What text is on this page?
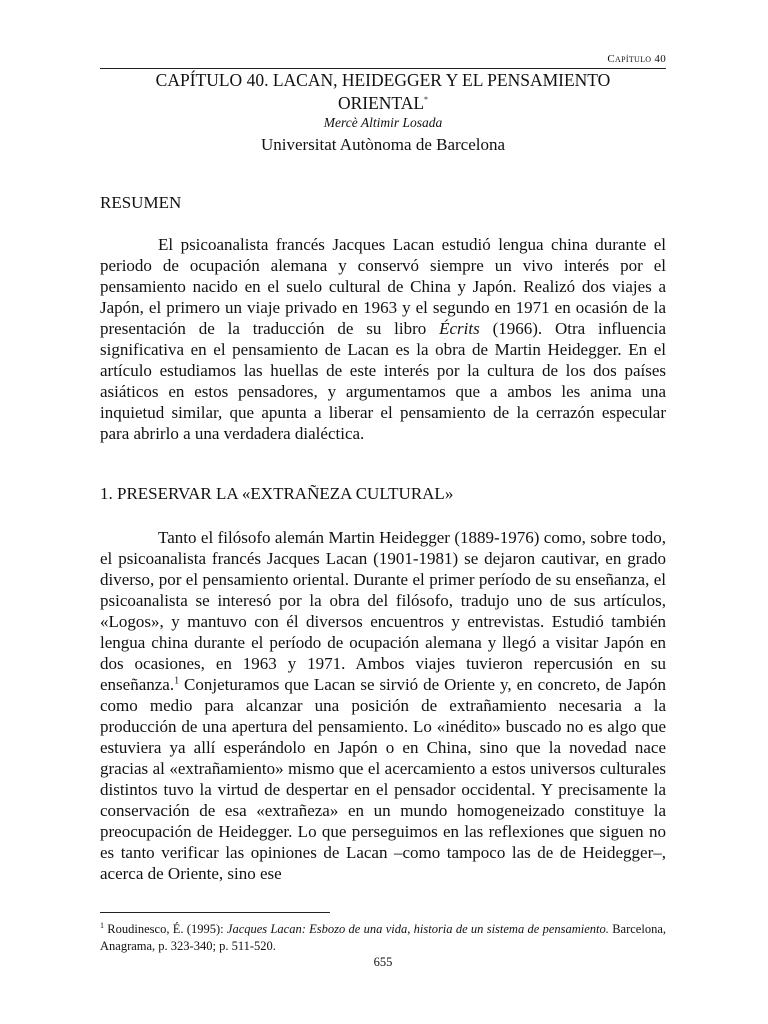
Capítulo 40

CAPÍTULO 40. LACAN, HEIDEGGER Y EL PENSAMIENTO
ORIENTAL*

Mercè Altimir Losada

Universitat Autònoma de Barcelona

RESUMEN

El psicoanalista francés Jacques Lacan estudió lengua china durante el periodo de ocupación alemana y conservó siempre un vivo interés por el pensamiento nacido en el suelo cultural de China y Japón. Realizó dos viajes a Japón, el primero un viaje privado en 1963 y el segundo en 1971 en ocasión de la presentación de la traducción de su libro Écrits (1966). Otra influencia significativa en el pensamiento de Lacan es la obra de Martin Heidegger. En el artículo estudiamos las huellas de este interés por la cultura de los dos países asiáticos en estos pensadores, y argumentamos que a ambos les anima una inquietud similar, que apunta a liberar el pensamiento de la cerrazón especular para abrirlo a una verdadera dialéctica.

1. PRESERVAR LA «EXTRAÑEZA CULTURAL»

Tanto el filósofo alemán Martin Heidegger (1889-1976) como, sobre todo, el psicoanalista francés Jacques Lacan (1901-1981) se dejaron cautivar, en grado diverso, por el pensamiento oriental. Durante el primer período de su enseñanza, el psicoanalista se interesó por la obra del filósofo, tradujo uno de sus artículos, «Logos», y mantuvo con él diversos encuentros y entrevistas. Estudió también lengua china durante el período de ocupación alemana y llegó a visitar Japón en dos ocasiones, en 1963 y 1971. Ambos viajes tuvieron repercusión en su enseñanza.$^1$ Conjeturamos que Lacan se sirvió de Oriente y, en concreto, de Japón como medio para alcanzar una posición de extrañamiento necesaria a la producción de una apertura del pensamiento. Lo «inédito» buscado no es algo que estuviera ya allí esperándolo en Japón o en China, sino que la novedad nace gracias al «extrañamiento» mismo que el acercamiento a estos universos culturales distintos tuvo la virtud de despertar en el pensador occidental. Y precisamente la conservación de esa «extrañeza» en un mundo homogeneizado constituye la preocupación de Heidegger. Lo que perseguimos en las reflexiones que siguen no es tanto verificar las opiniones de Lacan –como tampoco las de de Heidegger–, acerca de Oriente, sino ese

$^1$ Roudinesco, É. (1995): Jacques Lacan: Esbozo de una vida, historia de un sistema de pensamiento. Barcelona, Anagrama, p. 323-340; p. 511-520.

655
